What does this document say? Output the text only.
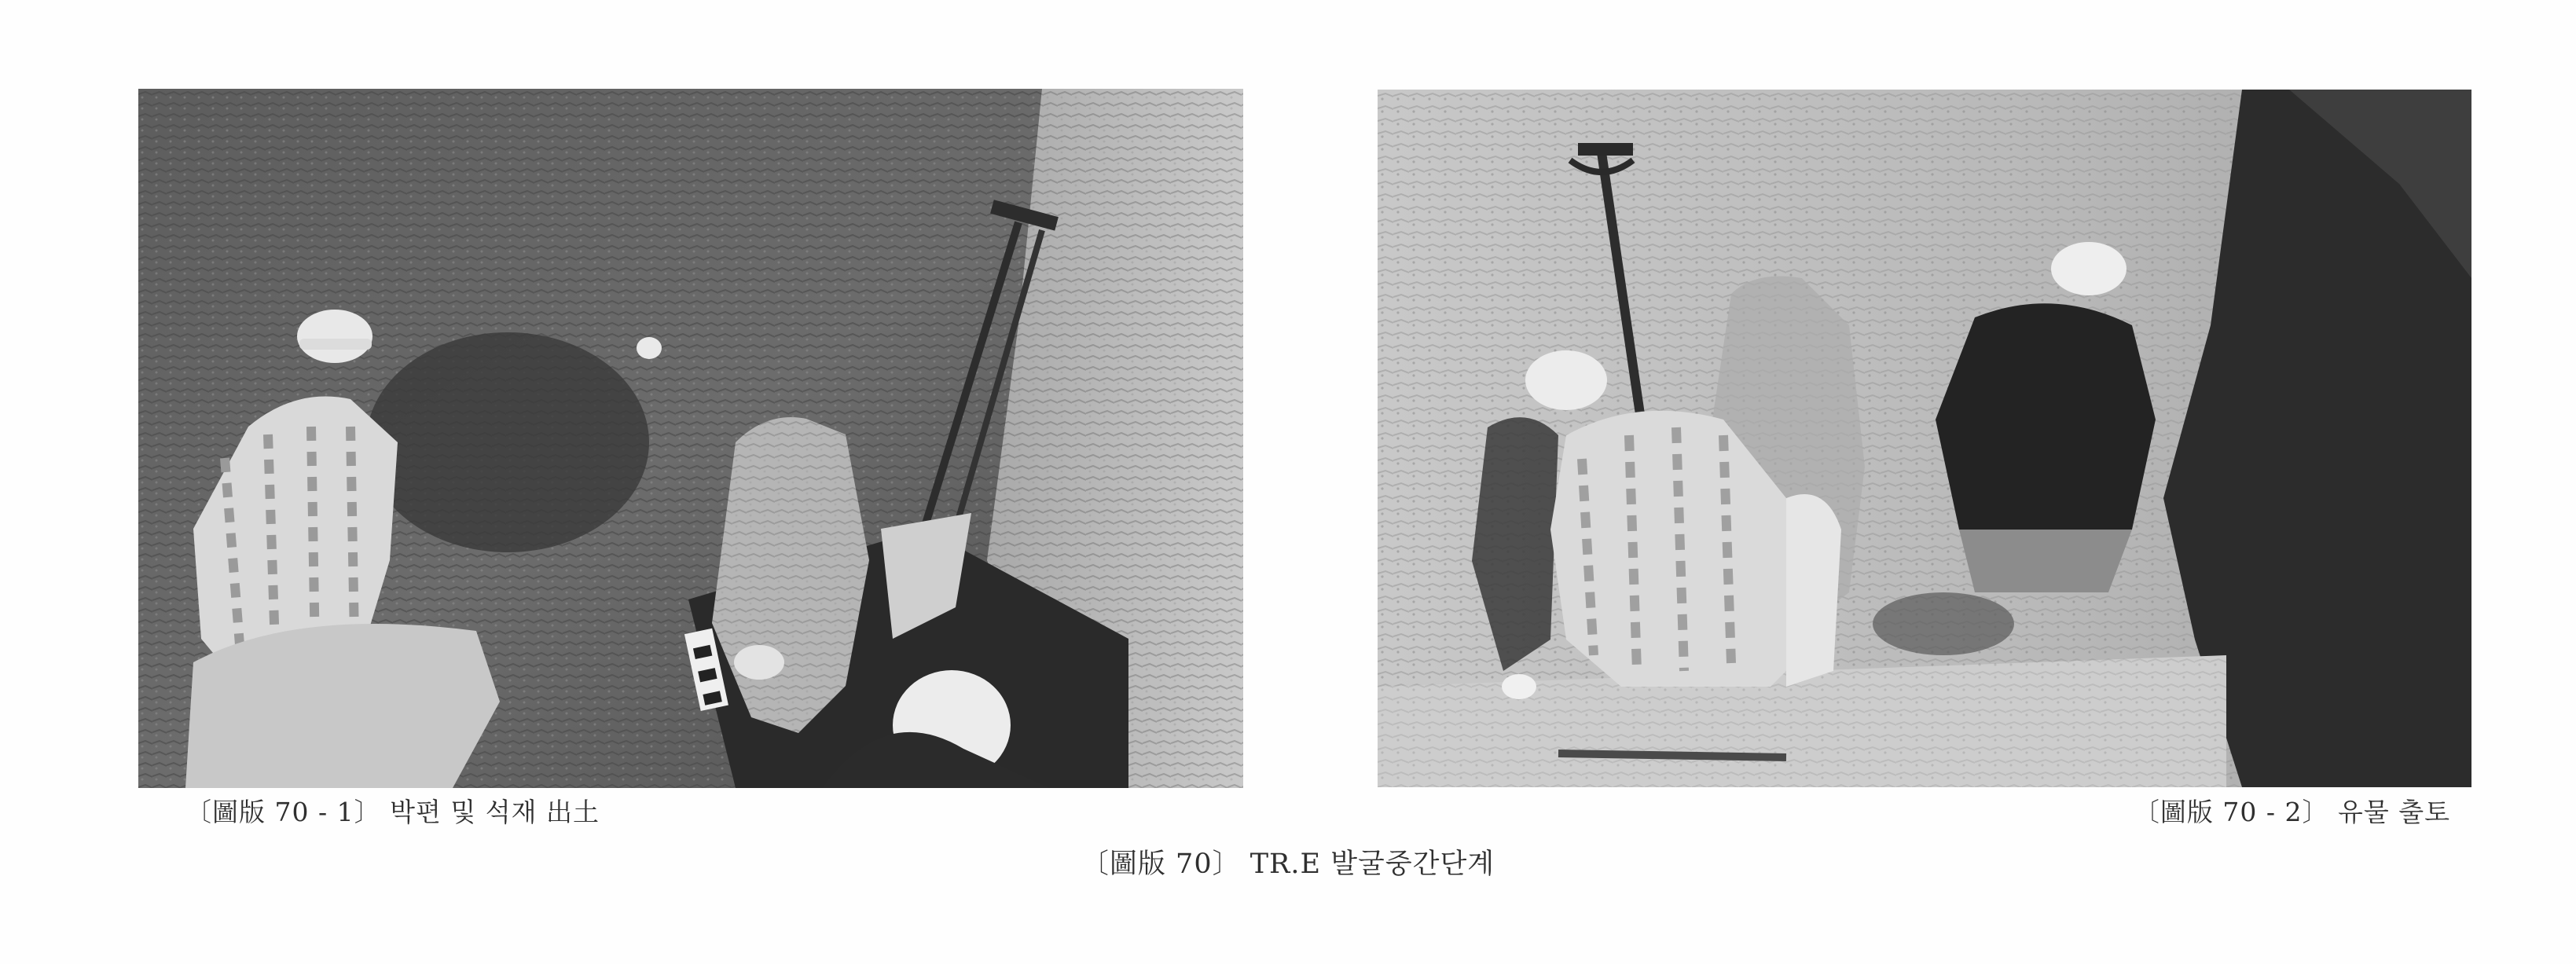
〔圖版 70 - 1〕 박편 및 석재 出土	〔圖版 70 - 2〕 유물 출토
〔圖版 70〕 TR.E 발굴중간단계
